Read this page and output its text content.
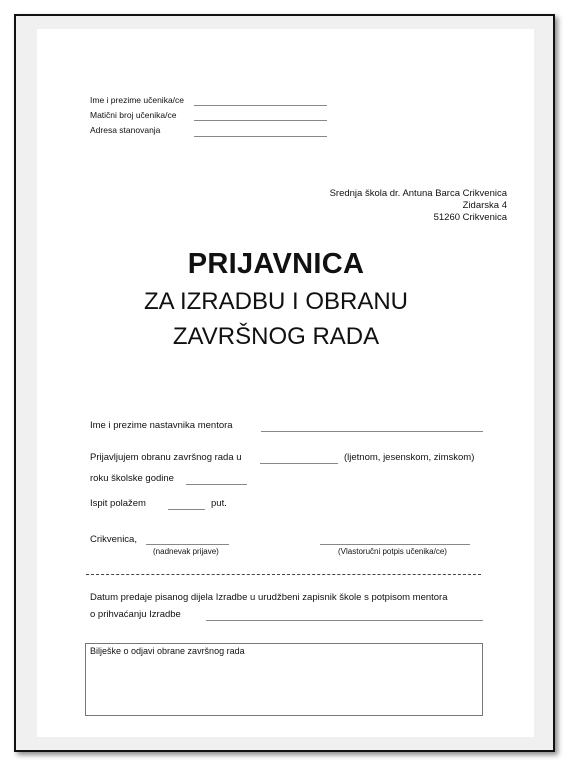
Ime i prezime učenika/ce
Matični broj učenika/ce
Adresa stanovanja
Srednja škola dr. Antuna Barca Crikvenica
Zidarska 4
51260 Crikvenica
PRIJAVNICA
ZA IZRADBU I OBRANU
ZAVRŠNOG RADA
Ime i prezime nastavnika mentora
Prijavljujem obranu završnog rada u	(ljetnom, jesenskom, zimskom)
roku školske godine
Ispit polažem	put.
Crikvenica,
(nadnevak prijave)	(Vlastoručni potpis učenika/ce)
Datum predaje pisanog dijela Izradbe u urudžbeni zapisnik škole s potpisom mentora
o prihvaćanju Izradbe
Bilješke o odjavi obrane završnog rada
